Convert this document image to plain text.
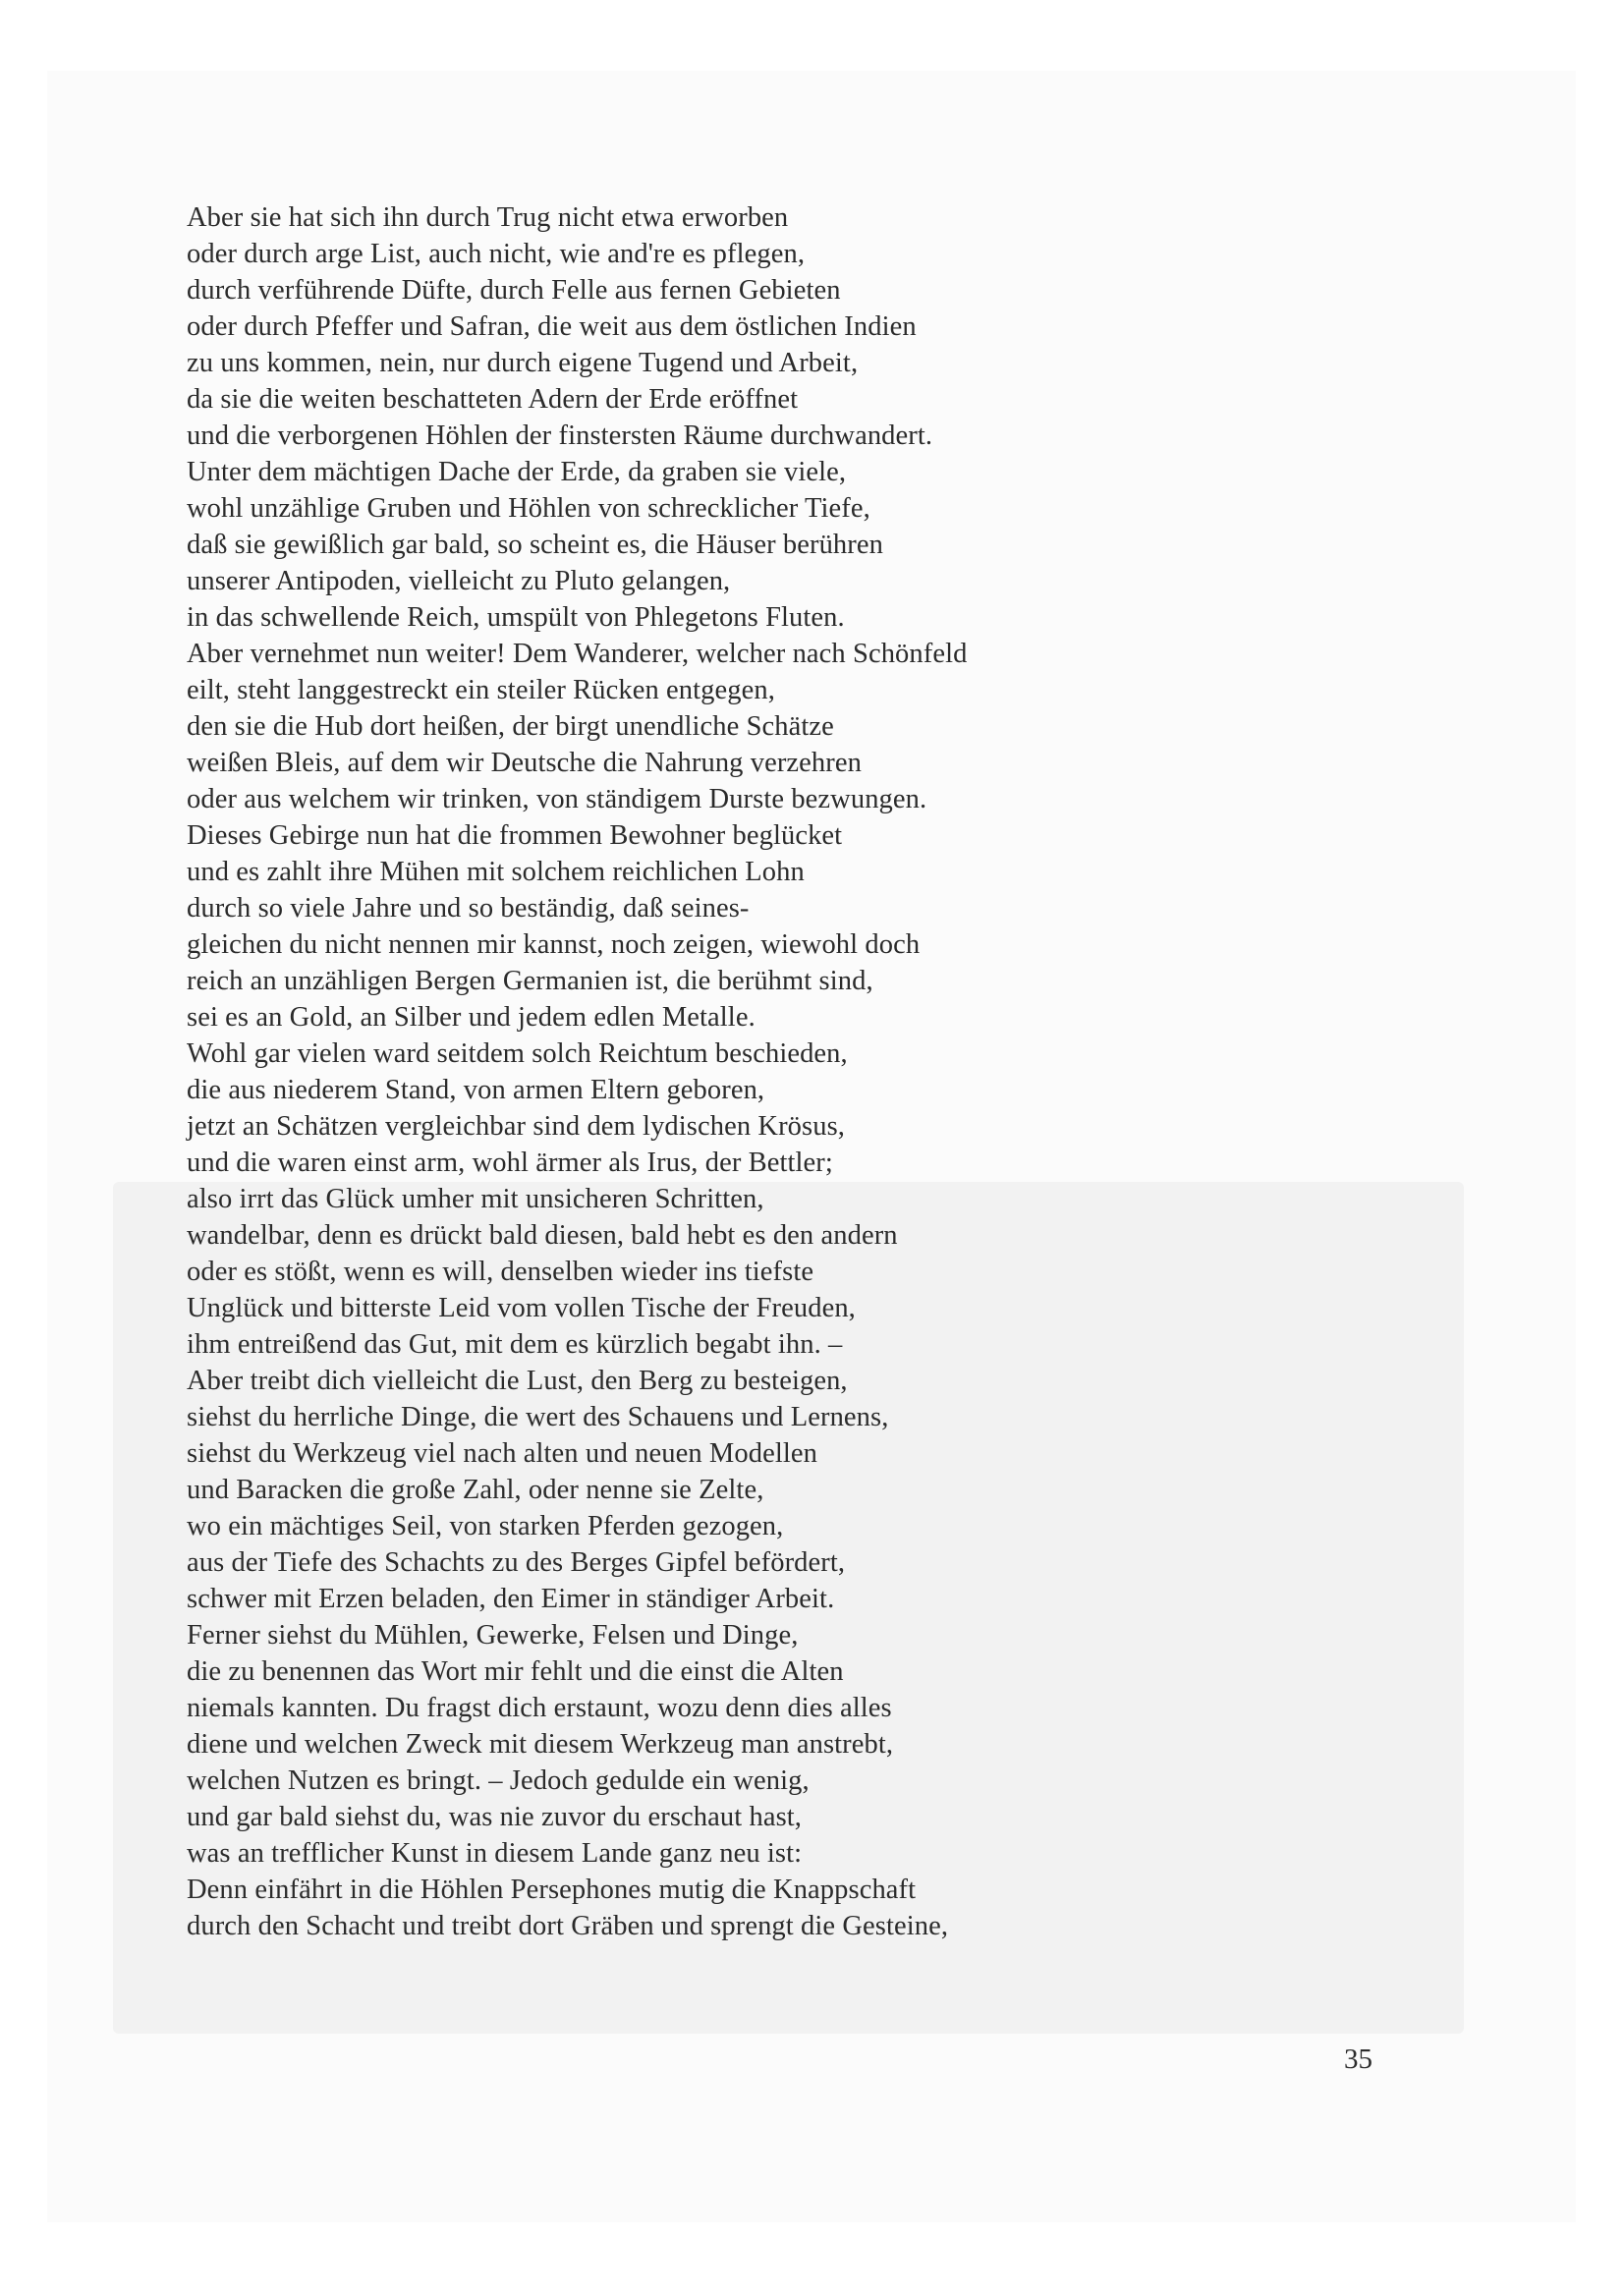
Aber sie hat sich ihn durch Trug nicht etwa erworben
oder durch arge List, auch nicht, wie and're es pflegen,
durch verführende Düfte, durch Felle aus fernen Gebieten
oder durch Pfeffer und Safran, die weit aus dem östlichen Indien
zu uns kommen, nein, nur durch eigene Tugend und Arbeit,
da sie die weiten beschatteten Adern der Erde eröffnet
und die verborgenen Höhlen der finstersten Räume durchwandert.
Unter dem mächtigen Dache der Erde, da graben sie viele,
wohl unzählige Gruben und Höhlen von schrecklicher Tiefe,
daß sie gewißlich gar bald, so scheint es, die Häuser berühren
unserer Antipoden, vielleicht zu Pluto gelangen,
in das schwellende Reich, umspült von Phlegetons Fluten.
Aber vernehmet nun weiter! Dem Wanderer, welcher nach Schönfeld
eilt, steht langgestreckt ein steiler Rücken entgegen,
den sie die Hub dort heißen, der birgt unendliche Schätze
weißen Bleis, auf dem wir Deutsche die Nahrung verzehren
oder aus welchem wir trinken, von ständigem Durste bezwungen.
Dieses Gebirge nun hat die frommen Bewohner beglücket
und es zahlt ihre Mühen mit solchem reichlichen Lohn
durch so viele Jahre und so beständig, daß seines-
gleichen du nicht nennen mir kannst, noch zeigen, wiewohl doch
reich an unzähligen Bergen Germanien ist, die berühmt sind,
sei es an Gold, an Silber und jedem edlen Metalle.
Wohl gar vielen ward seitdem solch Reichtum beschieden,
die aus niederem Stand, von armen Eltern geboren,
jetzt an Schätzen vergleichbar sind dem lydischen Krösus,
und die waren einst arm, wohl ärmer als Irus, der Bettler;
also irrt das Glück umher mit unsicheren Schritten,
wandelbar, denn es drückt bald diesen, bald hebt es den andern
oder es stößt, wenn es will, denselben wieder ins tiefste
Unglück und bitterste Leid vom vollen Tische der Freuden,
ihm entreißend das Gut, mit dem es kürzlich begabt ihn. –
Aber treibt dich vielleicht die Lust, den Berg zu besteigen,
siehst du herrliche Dinge, die wert des Schauens und Lernens,
siehst du Werkzeug viel nach alten und neuen Modellen
und Baracken die große Zahl, oder nenne sie Zelte,
wo ein mächtiges Seil, von starken Pferden gezogen,
aus der Tiefe des Schachts zu des Berges Gipfel befördert,
schwer mit Erzen beladen, den Eimer in ständiger Arbeit.
Ferner siehst du Mühlen, Gewerke, Felsen und Dinge,
die zu benennen das Wort mir fehlt und die einst die Alten
niemals kannten. Du fragst dich erstaunt, wozu denn dies alles
diene und welchen Zweck mit diesem Werkzeug man anstrebt,
welchen Nutzen es bringt. – Jedoch gedulde ein wenig,
und gar bald siehst du, was nie zuvor du erschaut hast,
was an trefflicher Kunst in diesem Lande ganz neu ist:
Denn einfährt in die Höhlen Persephones mutig die Knappschaft
durch den Schacht und treibt dort Gräben und sprengt die Gesteine,
35
